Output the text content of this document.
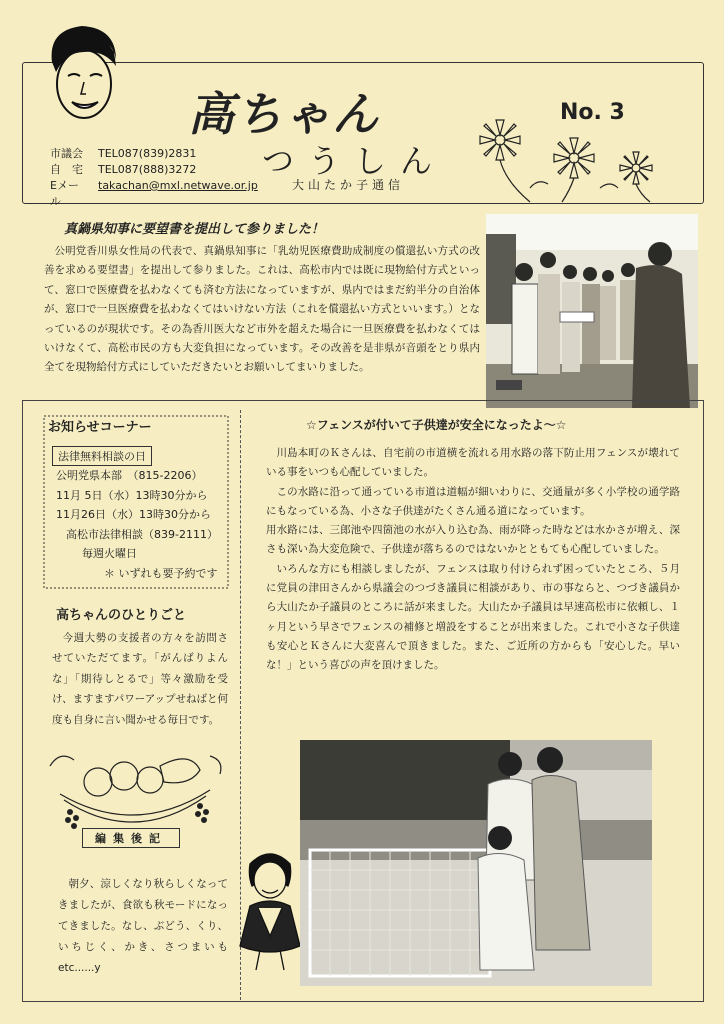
高ちゃん
つうしん
大山たか子通信
No. 3
市議会	TEL087(839)2831
自　宅	TEL087(888)3272
Eメール
takachan@mxl.netwave.or.jp
真鍋県知事に要望書を提出して参りました！
公明党香川県女性局の代表で、真鍋県知事に「乳幼児医療費助成制度の償還払い方式の改善を求める要望書」を提出して参りました。これは、高松市内では既に現物給付方式といって、窓口で医療費を払わなくても済む方法になっていますが、県内ではまだ約半分の自治体が、窓口で一旦医療費を払わなくてはいけない方法（これを償還払い方式といいます。）となっているのが現状です。その為香川医大など市外を超えた場合に一旦医療費を払わなくてはいけなくて、高松市民の方も大変負担になっています。その改善を是非県が音頭をとり県内全てを現物給付方式にしていただきたいとお願いしてまいりました。
お知らせコーナー
法律無料相談の日
公明党県本部　（815-2206）
11月 5日（水）13時30分から
11月26日（水）13時30分から
高松市法律相談（839-2111）
毎週火曜日
＊ いずれも要予約です
高ちゃんのひとりごと
今週大勢の支援者の方々を訪問させていただてます。「がんばりよんな」「期待しとるで」等々激励を受け、ますますパワーアップせねばと何度も自身に言い聞かせる毎日です。
編集後記
朝夕、涼しくなり秋らしくなってきましたが、食欲も秋モードになってきました。なし、ぶどう、くり、いちじく、かき、さつまいもetc......y
☆フェンスが付いて子供達が安全になったよ～☆

川島本町のＫさんは、自宅前の市道横を流れる用水路の落下防止用フェンスが壊れている事をいつも心配していました。

この水路に沿って通っている市道は道幅が細いわりに、交通量が多く小学校の通学路にもなっている為、小さな子供達がたくさん通る道になっています。

用水路には、三郎池や四箇池の水が入り込む為、雨が降った時などは水かさが増え、深さも深い為大変危険で、子供達が落ちるのではないかとともても心配していました。

いろんな方にも相談しましたが、フェンスは取り付けられず困っていたところ、５月に党員の津田さんから県議会のつづき議員に相談があり、市の事ならと、つづき議員から大山たか子議員のところに話が来ました。大山たか子議員は早速高松市に依頼し、１ヶ月という早さでフェンスの補修と増設をすることが出来ました。これで小さな子供達も安心とＫさんに大変喜んで頂きました。また、ご近所の方からも「安心した。早いな！」という喜びの声を頂けました。
